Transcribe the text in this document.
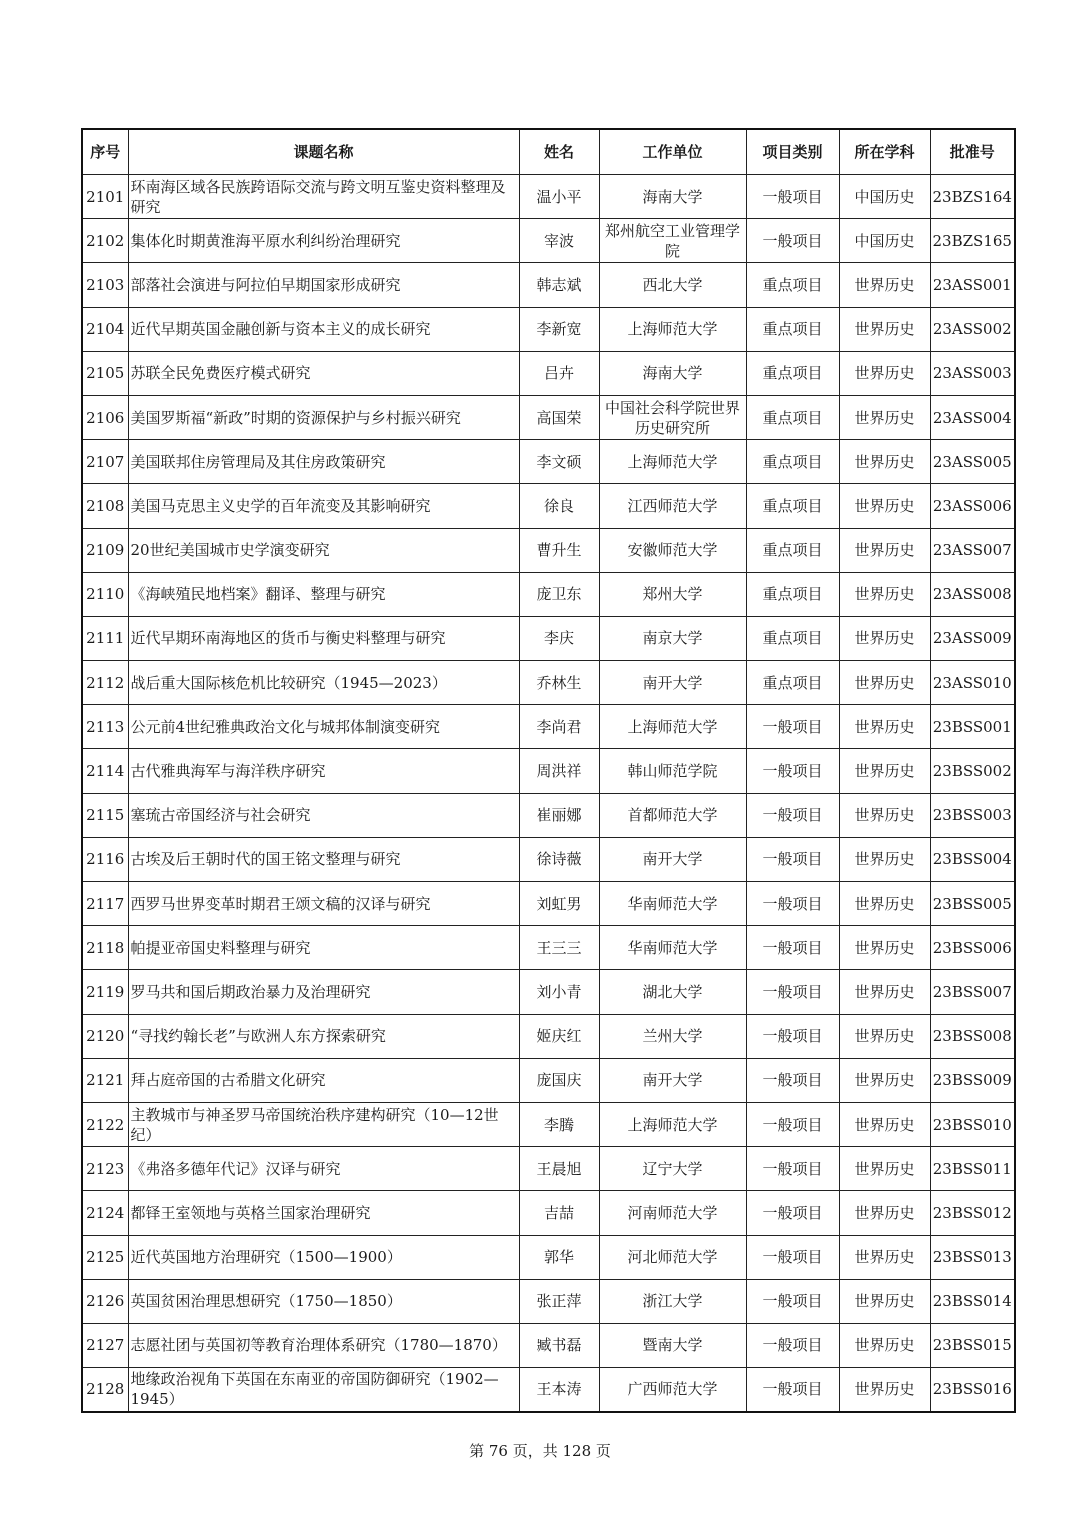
序号	课题名称	姓名	工作单位	项目类别	所在学科	批准号
2101	环南海区域各民族跨语际交流与跨文明互鉴史资料整理及研究	温小平	海南大学	一般项目	中国历史	23BZS164
2102	集体化时期黄淮海平原水利纠纷治理研究	宰波	郑州航空工业管理学院	一般项目	中国历史	23BZS165
2103	部落社会演进与阿拉伯早期国家形成研究	韩志斌	西北大学	重点项目	世界历史	23ASS001
2104	近代早期英国金融创新与资本主义的成长研究	李新宽	上海师范大学	重点项目	世界历史	23ASS002
2105	苏联全民免费医疗模式研究	吕卉	海南大学	重点项目	世界历史	23ASS003
2106	美国罗斯福“新政”时期的资源保护与乡村振兴研究	高国荣	中国社会科学院世界历史研究所	重点项目	世界历史	23ASS004
2107	美国联邦住房管理局及其住房政策研究	李文硕	上海师范大学	重点项目	世界历史	23ASS005
2108	美国马克思主义史学的百年流变及其影响研究	徐良	江西师范大学	重点项目	世界历史	23ASS006
2109	20世纪美国城市史学演变研究	曹升生	安徽师范大学	重点项目	世界历史	23ASS007
2110	《海峡殖民地档案》翻译、整理与研究	庞卫东	郑州大学	重点项目	世界历史	23ASS008
2111	近代早期环南海地区的货币与衡史料整理与研究	李庆	南京大学	重点项目	世界历史	23ASS009
2112	战后重大国际核危机比较研究（1945—2023）	乔林生	南开大学	重点项目	世界历史	23ASS010
2113	公元前4世纪雅典政治文化与城邦体制演变研究	李尚君	上海师范大学	一般项目	世界历史	23BSS001
2114	古代雅典海军与海洋秩序研究	周洪祥	韩山师范学院	一般项目	世界历史	23BSS002
2115	塞琉古帝国经济与社会研究	崔丽娜	首都师范大学	一般项目	世界历史	23BSS003
2116	古埃及后王朝时代的国王铭文整理与研究	徐诗薇	南开大学	一般项目	世界历史	23BSS004
2117	西罗马世界变革时期君王颂文稿的汉译与研究	刘虹男	华南师范大学	一般项目	世界历史	23BSS005
2118	帕提亚帝国史料整理与研究	王三三	华南师范大学	一般项目	世界历史	23BSS006
2119	罗马共和国后期政治暴力及治理研究	刘小青	湖北大学	一般项目	世界历史	23BSS007
2120	“寻找约翰长老”与欧洲人东方探索研究	姬庆红	兰州大学	一般项目	世界历史	23BSS008
2121	拜占庭帝国的古希腊文化研究	庞国庆	南开大学	一般项目	世界历史	23BSS009
2122	主教城市与神圣罗马帝国统治秩序建构研究（10—12世纪）	李腾	上海师范大学	一般项目	世界历史	23BSS010
2123	《弗洛多德年代记》汉译与研究	王晨旭	辽宁大学	一般项目	世界历史	23BSS011
2124	都铎王室领地与英格兰国家治理研究	吉喆	河南师范大学	一般项目	世界历史	23BSS012
2125	近代英国地方治理研究（1500—1900）	郭华	河北师范大学	一般项目	世界历史	23BSS013
2126	英国贫困治理思想研究（1750—1850）	张正萍	浙江大学	一般项目	世界历史	23BSS014
2127	志愿社团与英国初等教育治理体系研究（1780—1870）	臧书磊	暨南大学	一般项目	世界历史	23BSS015
2128	地缘政治视角下英国在东南亚的帝国防御研究（1902—1945）	王本涛	广西师范大学	一般项目	世界历史	23BSS016
第 76 页，共 128 页
